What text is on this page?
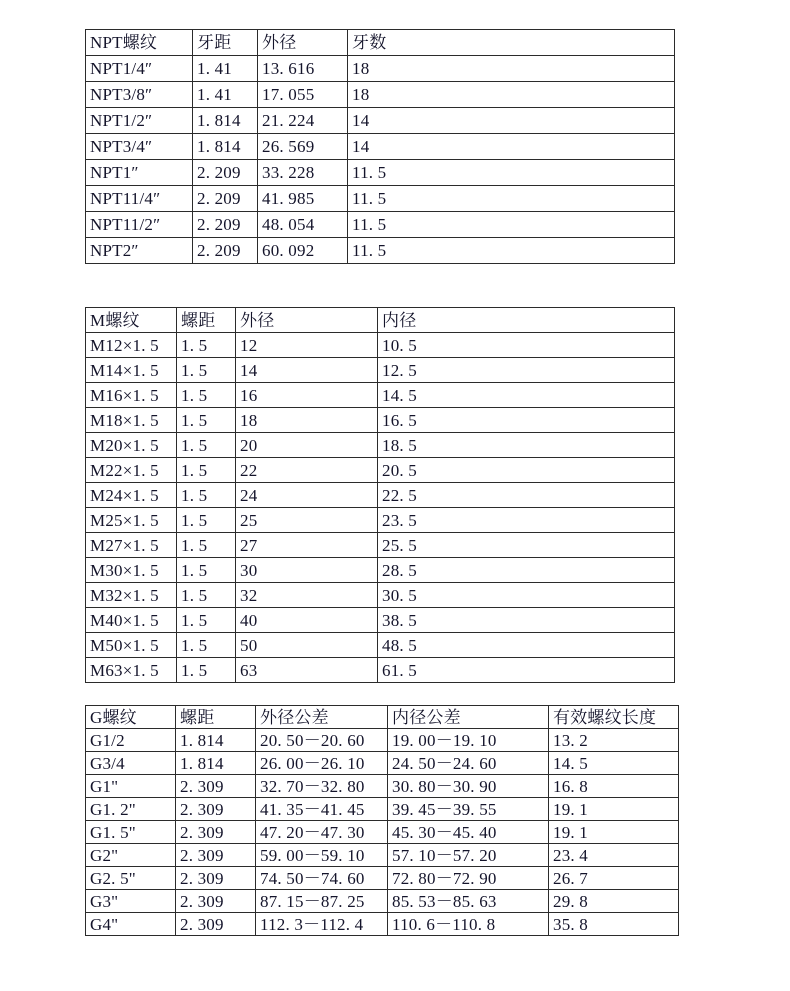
NPT螺纹	牙距	外径	牙数
NPT1/4″	1. 41	13. 616	18
NPT3/8″	1. 41	17. 055	18
NPT1/2″	1. 814	21. 224	14
NPT3/4″	1. 814	26. 569	14
NPT1″	2. 209	33. 228	11. 5
NPT11/4″	2. 209	41. 985	11. 5
NPT11/2″	2. 209	48. 054	11. 5
NPT2″	2. 209	60. 092	11. 5
M螺纹	螺距	外径	内径
M12×1. 5	1. 5	12	10. 5
M14×1. 5	1. 5	14	12. 5
M16×1. 5	1. 5	16	14. 5
M18×1. 5	1. 5	18	16. 5
M20×1. 5	1. 5	20	18. 5
M22×1. 5	1. 5	22	20. 5
M24×1. 5	1. 5	24	22. 5
M25×1. 5	1. 5	25	23. 5
M27×1. 5	1. 5	27	25. 5
M30×1. 5	1. 5	30	28. 5
M32×1. 5	1. 5	32	30. 5
M40×1. 5	1. 5	40	38. 5
M50×1. 5	1. 5	50	48. 5
M63×1. 5	1. 5	63	61. 5
G螺纹	螺距	外径公差	内径公差	有效螺纹长度
G1/2	1. 814	20. 50－20. 60	19. 00－19. 10	13. 2
G3/4	1. 814	26. 00－26. 10	24. 50－24. 60	14. 5
G1"	2. 309	32. 70－32. 80	30. 80－30. 90	16. 8
G1. 2"	2. 309	41. 35－41. 45	39. 45－39. 55	19. 1
G1. 5"	2. 309	47. 20－47. 30	45. 30－45. 40	19. 1
G2"	2. 309	59. 00－59. 10	57. 10－57. 20	23. 4
G2. 5"	2. 309	74. 50－74. 60	72. 80－72. 90	26. 7
G3"	2. 309	87. 15－87. 25	85. 53－85. 63	29. 8
G4"	2. 309	112. 3－112. 4	110. 6－110. 8	35. 8
